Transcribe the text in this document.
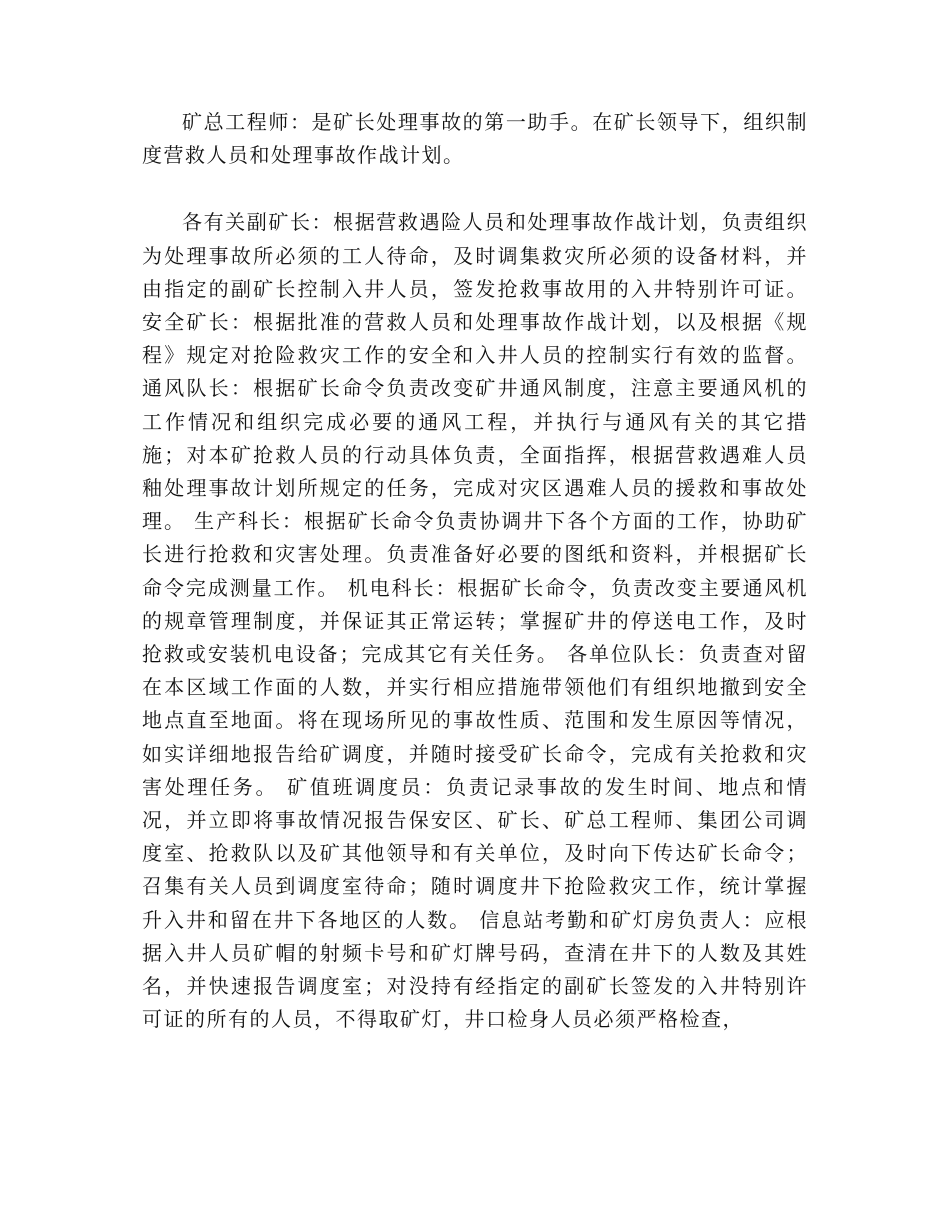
矿总工程师：是矿长处理事故的第一助手。在矿长领导下，组织制度营救人员和处理事故作战计划。

各有关副矿长：根据营救遇险人员和处理事故作战计划，负责组织为处理事故所必须的工人待命，及时调集救灾所必须的设备材料，并由指定的副矿长控制入井人员，签发抢救事故用的入井特别许可证。 安全矿长：根据批准的营救人员和处理事故作战计划，以及根据《规程》规定对抢险救灾工作的安全和入井人员的控制实行有效的监督。 通风队长：根据矿长命令负责改变矿井通风制度，注意主要通风机的工作情况和组织完成必要的通风工程，并执行与通风有关的其它措施；对本矿抢救人员的行动具体负责，全面指挥，根据营救遇难人员釉处理事故计划所规定的任务，完成对灾区遇难人员的援救和事故处理。 生产科长：根据矿长命令负责协调井下各个方面的工作，协助矿长进行抢救和灾害处理。负责准备好必要的图纸和资料，并根据矿长命令完成测量工作。 机电科长：根据矿长命令，负责改变主要通风机的规章管理制度，并保证其正常运转；掌握矿井的停送电工作，及时抢救或安装机电设备；完成其它有关任务。 各单位队长：负责查对留在本区域工作面的人数，并实行相应措施带领他们有组织地撤到安全地点直至地面。将在现场所见的事故性质、范围和发生原因等情况，如实详细地报告给矿调度，并随时接受矿长命令，完成有关抢救和灾害处理任务。 矿值班调度员：负责记录事故的发生时间、地点和情况，并立即将事故情况报告保安区、矿长、矿总工程师、集团公司调度室、抢救队以及矿其他领导和有关单位，及时向下传达矿长命令；召集有关人员到调度室待命；随时调度井下抢险救灾工作，统计掌握升入井和留在井下各地区的人数。 信息站考勤和矿灯房负责人：应根据入井人员矿帽的射频卡号和矿灯牌号码，查清在井下的人数及其姓名，并快速报告调度室；对没持有经指定的副矿长签发的入井特别许可证的所有的人员，不得取矿灯，井口检身人员必须严格检查，
